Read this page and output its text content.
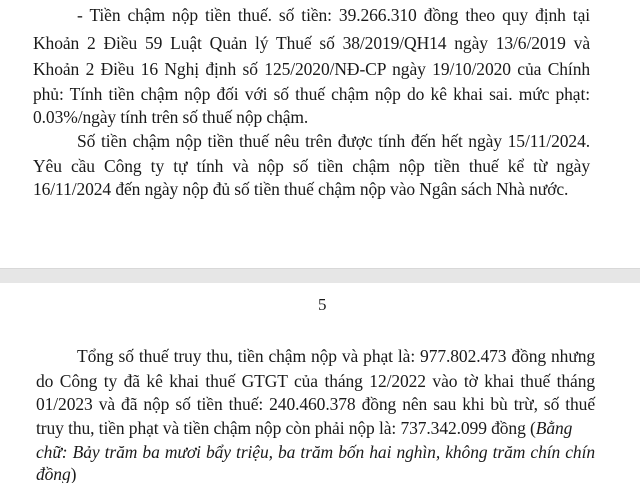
- Tiền chậm nộp tiền thuế. số tiền: 39.266.310 đồng theo quy định tại
Khoản 2 Điều 59 Luật Quản lý Thuế số 38/2019/QH14 ngày 13/6/2019 và
Khoản 2 Điều 16 Nghị định số 125/2020/NĐ-CP ngày 19/10/2020 của Chính
phủ: Tính tiền chậm nộp đối với số thuế chậm nộp do kê khai sai. mức phạt:
0.03%/ngày tính trên số thuế nộp chậm.
Số tiền chậm nộp tiền thuế nêu trên được tính đến hết ngày 15/11/2024.
Yêu cầu Công ty tự tính và nộp số tiền chậm nộp tiền thuế kể từ ngày
16/11/2024 đến ngày nộp đủ số tiền thuế chậm nộp vào Ngân sách Nhà nước.
5
Tổng số thuế truy thu, tiền chậm nộp và phạt là: 977.802.473 đồng nhưng
do Công ty đã kê khai thuế GTGT của tháng 12/2022 vào tờ khai thuế tháng
01/2023 và đã nộp số tiền thuế: 240.460.378 đồng nên sau khi bù trừ, số thuế
truy thu, tiền phạt và tiền chậm nộp còn phải nộp là: 737.342.099 đồng (Bằng
chữ: Bảy trăm ba mươi bẩy triệu, ba trăm bốn hai nghìn, không trăm chín chín
đồng)
